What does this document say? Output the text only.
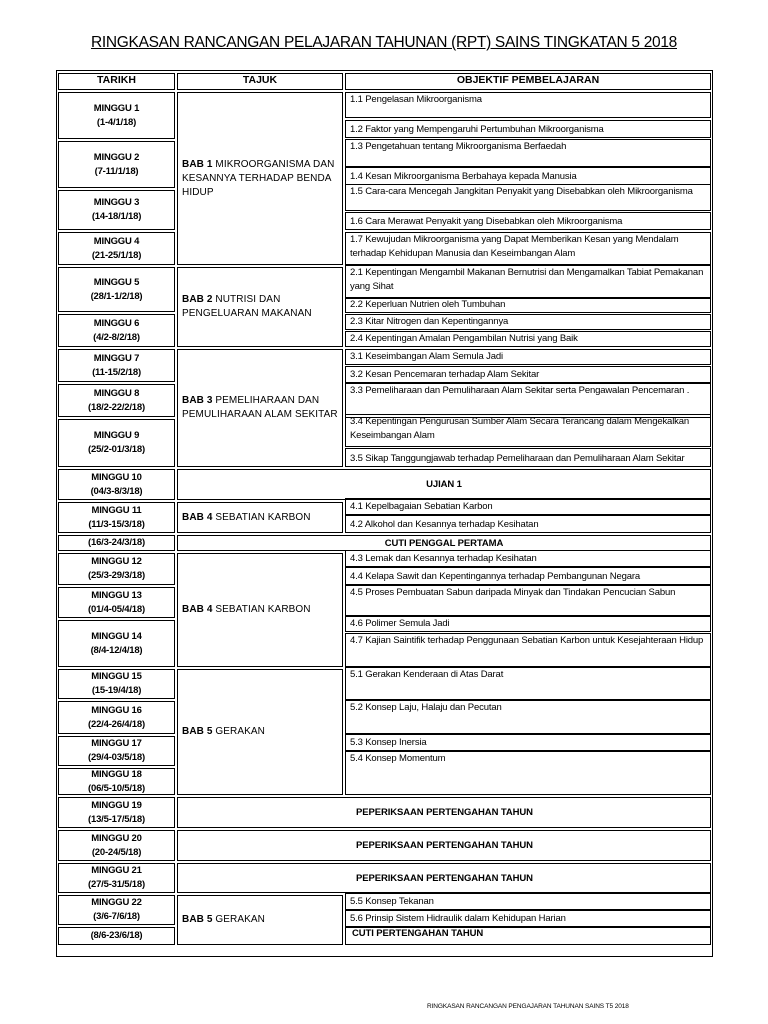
RINGKASAN RANCANGAN PELAJARAN TAHUNAN (RPT) SAINS TINGKATAN 5 2018
TARIKH	TAJUK	OBJEKTIF PEMBELAJARAN
MINGGU 1
(1-4/1/18)
MINGGU 2
(7-11/1/18)
MINGGU 3
(14-18/1/18)
MINGGU 4
(21-25/1/18)
MINGGU 5
(28/1-1/2/18)
MINGGU 6
(4/2-8/2/18)
MINGGU 7
(11-15/2/18)
MINGGU 8
(18/2-22/2/18)
MINGGU 9
(25/2-01/3/18)
MINGGU 10
(04/3-8/3/18)
MINGGU 11
(11/3-15/3/18)
(16/3-24/3/18)
MINGGU 12
(25/3-29/3/18)
MINGGU 13
(01/4-05/4/18)
MINGGU 14
(8/4-12/4/18)
MINGGU 15
(15-19/4/18)
MINGGU 16
(22/4-26/4/18)
MINGGU 17
(29/4-03/5/18)
MINGGU 18
(06/5-10/5/18)
MINGGU 19
(13/5-17/5/18)
MINGGU 20
(20-24/5/18)
MINGGU 21
(27/5-31/5/18)
MINGGU 22
(3/6-7/6/18)
(8/6-23/6/18)
BAB 1 MIKROORGANISMA DAN KESANNYA TERHADAP BENDA HIDUP
BAB 2 NUTRISI DAN PENGELUARAN MAKANAN
BAB 3 PEMELIHARAAN DAN PEMULIHARAAN ALAM SEKITAR
BAB 4 SEBATIAN KARBON
BAB 4 SEBATIAN KARBON
BAB 5 GERAKAN
BAB 5 GERAKAN
1.1 Pengelasan Mikroorganisma
1.2 Faktor yang Mempengaruhi Pertumbuhan Mikroorganisma
1.3 Pengetahuan tentang Mikroorganisma Berfaedah
1.4 Kesan Mikroorganisma Berbahaya kepada Manusia
1.5 Cara-cara Mencegah Jangkitan Penyakit yang Disebabkan oleh Mikroorganisma
1.6 Cara Merawat Penyakit yang Disebabkan oleh Mikroorganisma
1.7 Kewujudan Mikroorganisma yang Dapat Memberikan Kesan yang Mendalam terhadap Kehidupan Manusia dan Keseimbangan Alam
2.1 Kepentingan Mengambil Makanan Bernutrisi dan Mengamalkan Tabiat Pemakanan yang Sihat
2.2 Keperluan Nutrien oleh Tumbuhan
2.3 Kitar Nitrogen dan Kepentingannya
2.4 Kepentingan Amalan Pengambilan Nutrisi yang Baik
3.1 Keseimbangan Alam Semula Jadi
3.2 Kesan Pencemaran terhadap Alam Sekitar
3.3 Pemeliharaan dan Pemuliharaan Alam Sekitar serta Pengawalan Pencemaran .
3.4 Kepentingan Pengurusan Sumber Alam Secara Terancang dalam Mengekalkan Keseimbangan Alam
3.5 Sikap Tanggungjawab terhadap Pemeliharaan dan Pemuliharaan Alam Sekitar
4.1 Kepelbagaian Sebatian Karbon
4.2 Alkohol dan Kesannya terhadap Kesihatan
4.3 Lemak dan Kesannya terhadap Kesihatan
4.4 Kelapa Sawit dan Kepentingannya terhadap Pembangunan Negara
4.5 Proses Pembuatan Sabun daripada Minyak dan Tindakan Pencucian Sabun
4.6 Polimer Semula Jadi
4.7 Kajian Saintifik terhadap Penggunaan Sebatian Karbon untuk Kesejahteraan Hidup
5.1 Gerakan Kenderaan di Atas Darat
5.2 Konsep Laju, Halaju dan Pecutan
5.3 Konsep Inersia
5.4 Konsep Momentum
5.5 Konsep Tekanan
5.6 Prinsip Sistem Hidraulik dalam Kehidupan Harian
UJIAN 1
CUTI PENGGAL PERTAMA
PEPERIKSAAN PERTENGAHAN TAHUN
PEPERIKSAAN PERTENGAHAN TAHUN
PEPERIKSAAN PERTENGAHAN TAHUN
CUTI PERTENGAHAN TAHUN
RINGKASAN RANCANGAN PENGAJARAN TAHUNAN SAINS T5 2018
